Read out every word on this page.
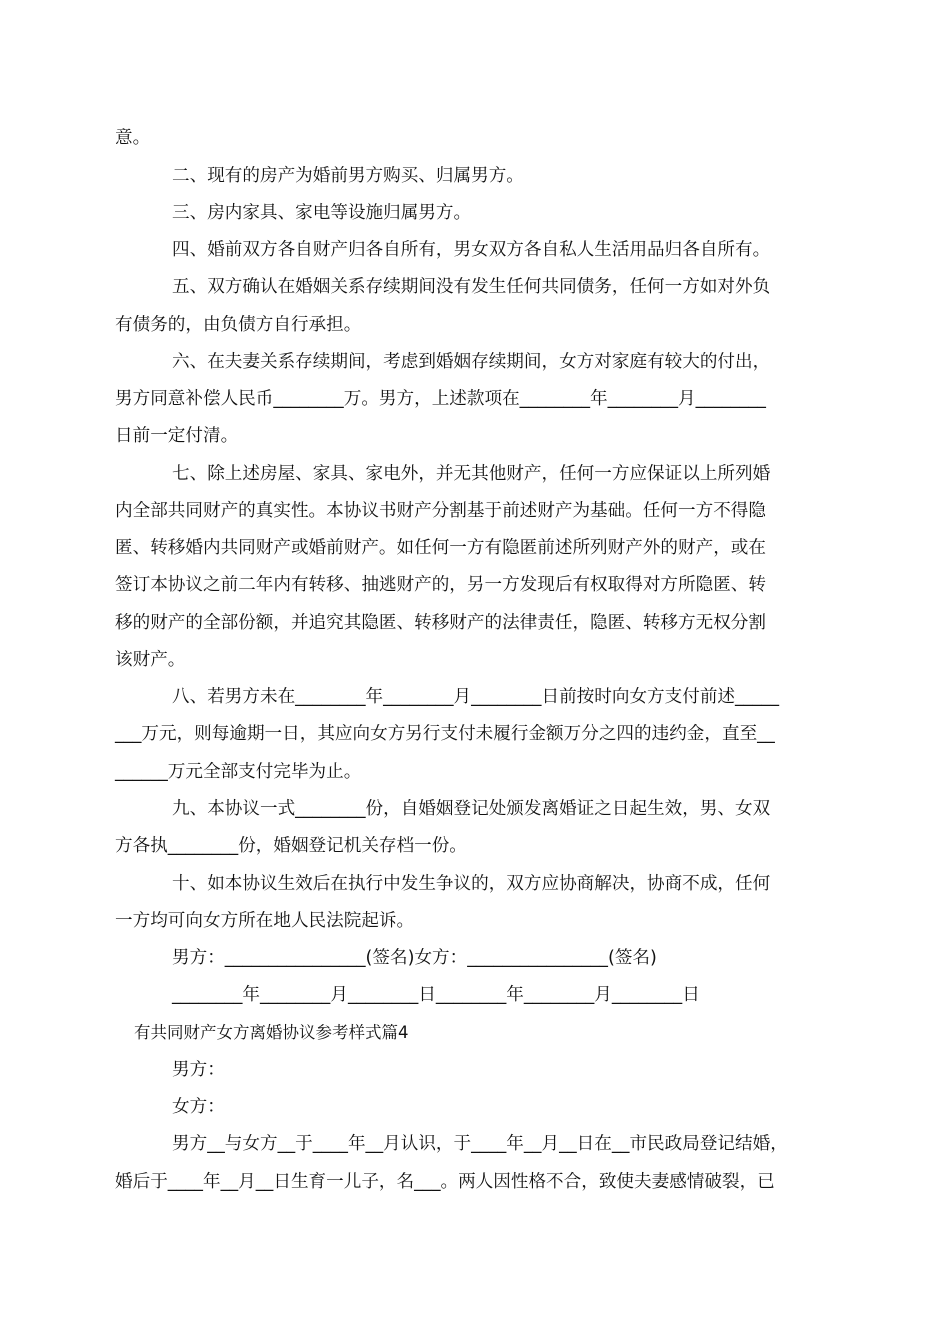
意。
二、现有的房产为婚前男方购买、归属男方。
三、房内家具、家电等设施归属男方。
四、婚前双方各自财产归各自所有，男女双方各自私人生活用品归各自所有。
五、双方确认在婚姻关系存续期间没有发生任何共同债务，任何一方如对外负
有债务的，由负债方自行承担。
六、在夫妻关系存续期间，考虑到婚姻存续期间，女方对家庭有较大的付出，
男方同意补偿人民币________万。男方，上述款项在________年________月________
日前一定付清。
七、除上述房屋、家具、家电外，并无其他财产，任何一方应保证以上所列婚
内全部共同财产的真实性。本协议书财产分割基于前述财产为基础。任何一方不得隐
匿、转移婚内共同财产或婚前财产。如任何一方有隐匿前述所列财产外的财产，或在
签订本协议之前二年内有转移、抽逃财产的，另一方发现后有权取得对方所隐匿、转
移的财产的全部份额，并追究其隐匿、转移财产的法律责任，隐匿、转移方无权分割
该财产。
八、若男方未在________年________月________日前按时向女方支付前述_____
___万元，则每逾期一日，其应向女方另行支付未履行金额万分之四的违约金，直至__
______万元全部支付完毕为止。
九、本协议一式________份，自婚姻登记处颁发离婚证之日起生效，男、女双
方各执________份，婚姻登记机关存档一份。
十、如本协议生效后在执行中发生争议的，双方应协商解决，协商不成，任何
一方均可向女方所在地人民法院起诉。
男方：________________(签名)女方：________________(签名)
________年________月________日________年________月________日
有共同财产女方离婚协议参考样式篇4
男方：
女方：
男方__与女方__于____年__月认识，于____年__月__日在__市民政局登记结婚，
婚后于____年__月__日生育一儿子，名___。两人因性格不合，致使夫妻感情破裂，已
